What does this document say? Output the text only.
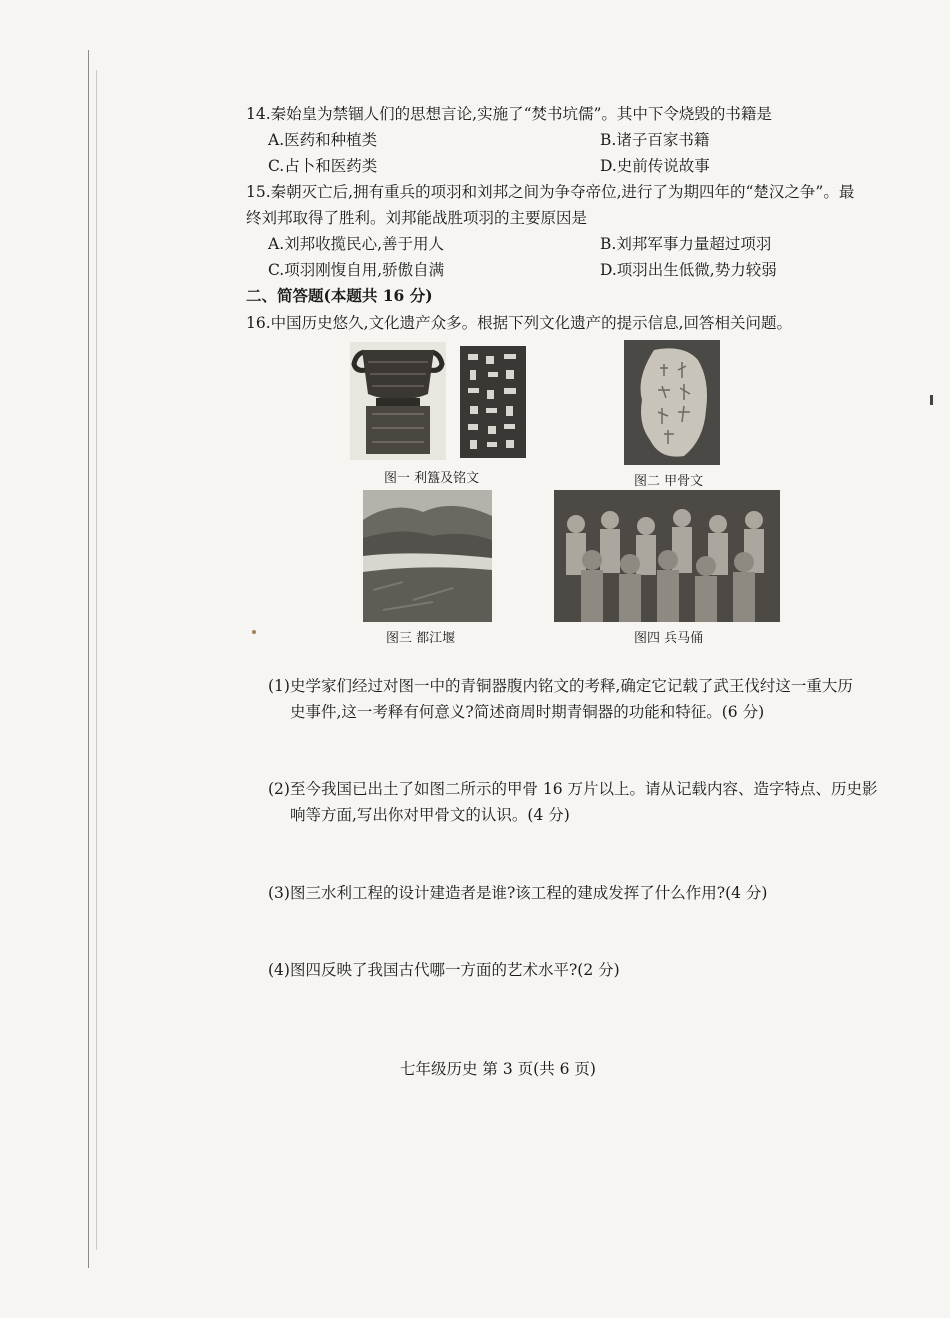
14.秦始皇为禁锢人们的思想言论,实施了“焚书坑儒”。其中下令烧毁的书籍是
A.医药和种植类	B.诸子百家书籍
C.占卜和医药类	D.史前传说故事
15.秦朝灭亡后,拥有重兵的项羽和刘邦之间为争夺帝位,进行了为期四年的“楚汉之争”。最
终刘邦取得了胜利。刘邦能战胜项羽的主要原因是
A.刘邦收揽民心,善于用人	B.刘邦军事力量超过项羽
C.项羽刚愎自用,骄傲自满	D.项羽出生低微,势力较弱
二、简答题(本题共 16 分)
16.中国历史悠久,文化遗产众多。根据下列文化遗产的提示信息,回答相关问题。
图一 利簋及铭文	图二 甲骨文
图三 都江堰	图四 兵马俑
(1)史学家们经过对图一中的青铜器腹内铭文的考释,确定它记载了武王伐纣这一重大历
史事件,这一考释有何意义?简述商周时期青铜器的功能和特征。(6 分)
(2)至今我国已出土了如图二所示的甲骨 16 万片以上。请从记载内容、造字特点、历史影
响等方面,写出你对甲骨文的认识。(4 分)
(3)图三水利工程的设计建造者是谁?该工程的建成发挥了什么作用?(4 分)
(4)图四反映了我国古代哪一方面的艺术水平?(2 分)
七年级历史 第 3 页(共 6 页)
